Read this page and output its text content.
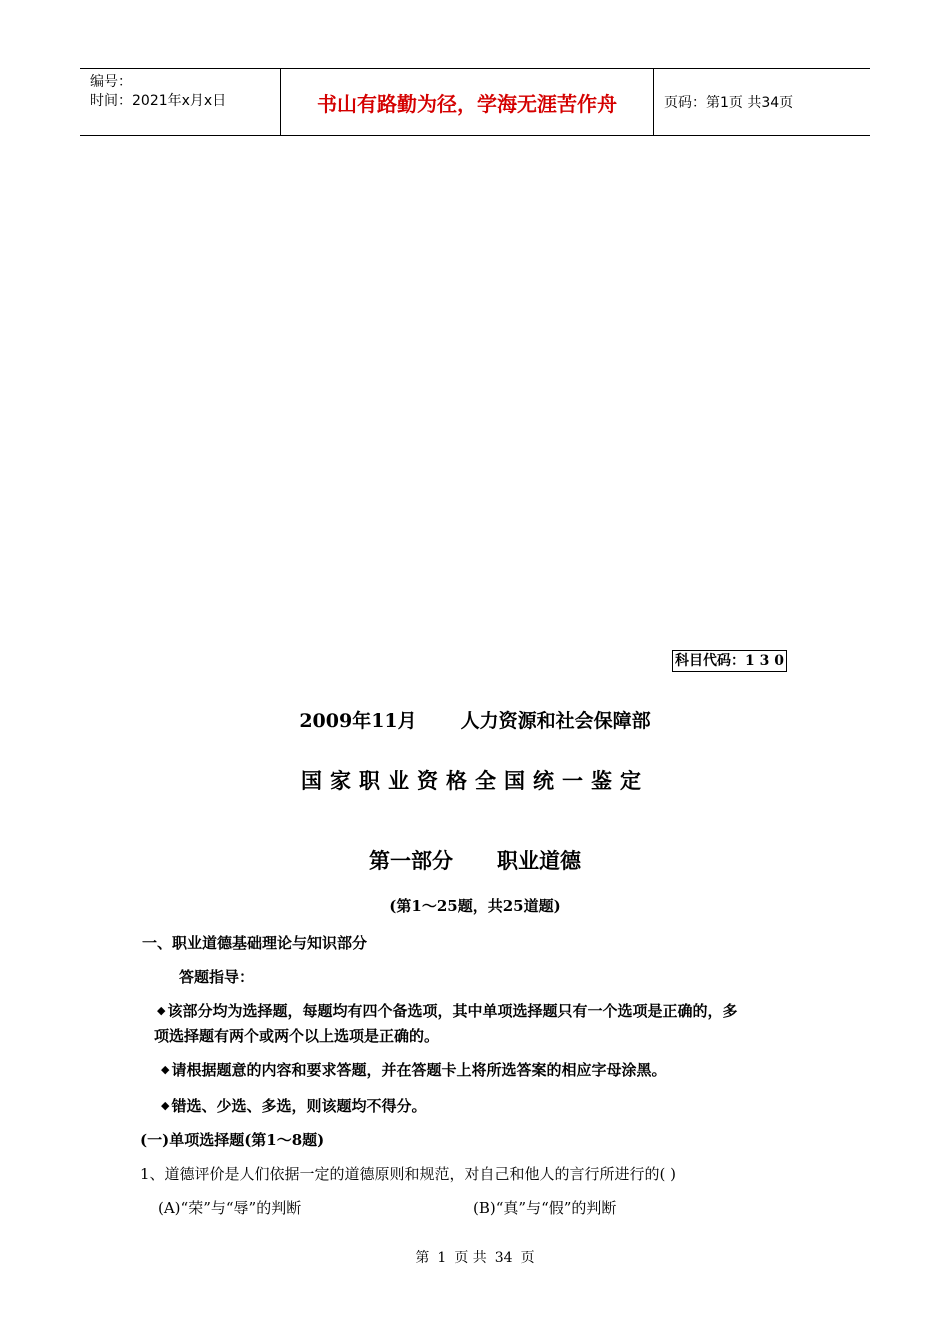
编号：
时间：2021年x月x日	书山有路勤为径，学海无涯苦作舟	页码：第1页 共34页
科目代码：1 3 0
2009年11月 人力资源和社会保障部
国家职业资格全国统一鉴定
第一部分 职业道德
(第1～25题，共25道题)
一、职业道德基础理论与知识部分
答题指导：
◆ 该部分均为选择题，每题均有四个备选项，其中单项选择题只有一个选项是正确的，多
项选择题有两个或两个以上选项是正确的。
◆ 请根据题意的内容和要求答题，并在答题卡上将所选答案的相应字母涂黑。
◆ 错选、少选、多选，则该题均不得分。
(一)单项选择题(第1～8题)
1、道德评价是人们依据一定的道德原则和规范，对自己和他人的言行所进行的( )
(A)“荣”与“辱”的判断	(B)“真”与“假”的判断
第 1 页 共 34 页
